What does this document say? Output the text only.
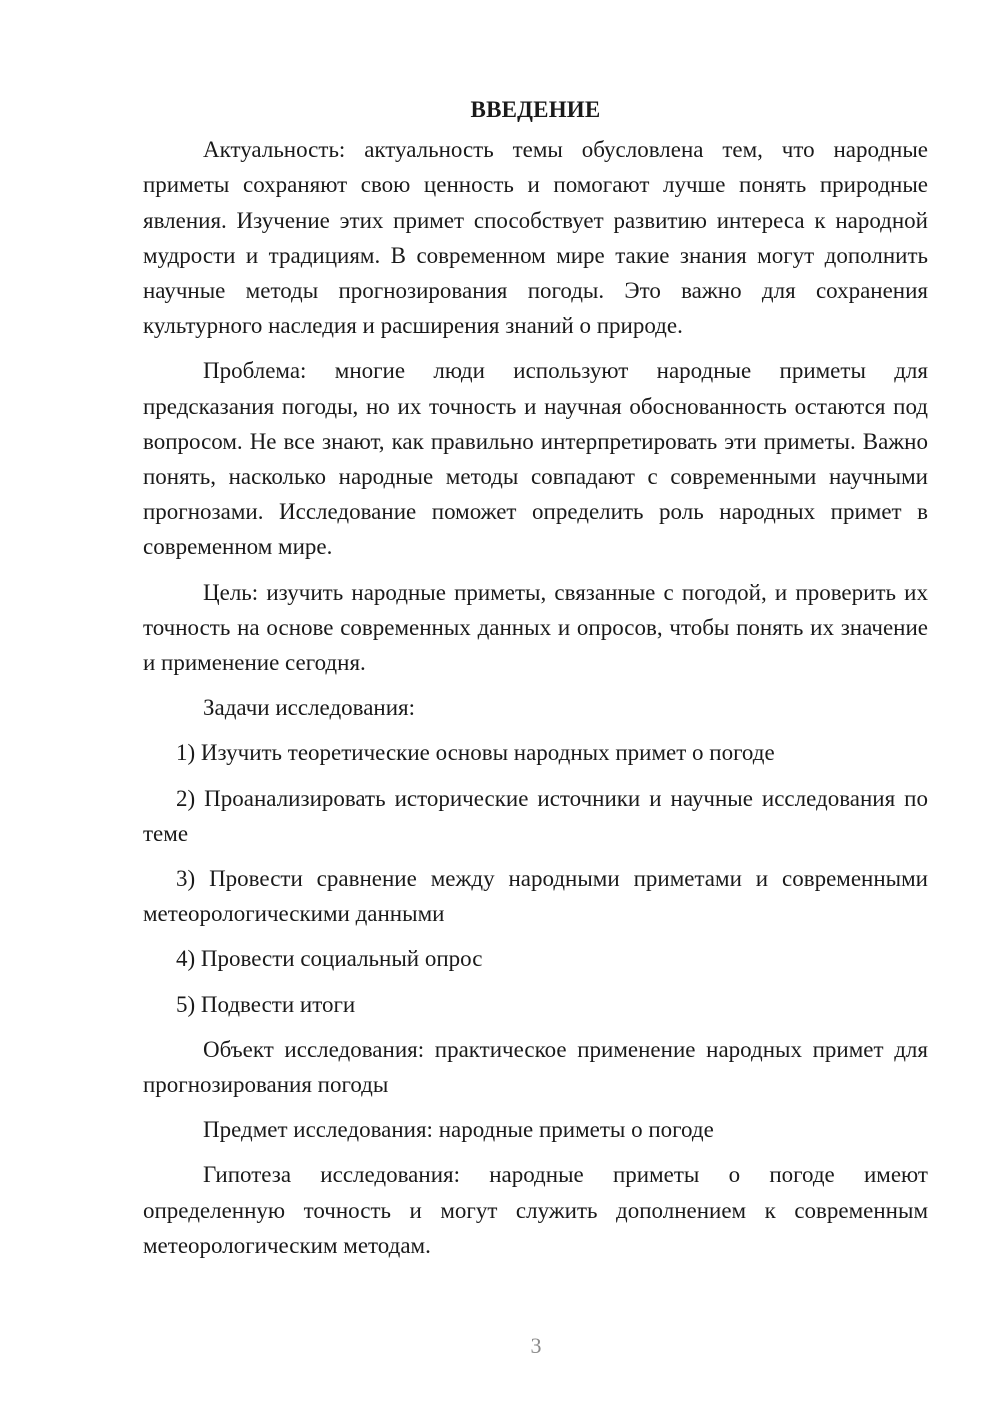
ВВЕДЕНИЕ

Актуальность: актуальность темы обусловлена тем, что народные приметы сохраняют свою ценность и помогают лучше понять природные явления. Изучение этих примет способствует развитию интереса к народной мудрости и традициям. В современном мире такие знания могут дополнить научные методы прогнозирования погоды. Это важно для сохранения культурного наследия и расширения знаний о природе.

Проблема: многие люди используют народные приметы для предсказания погоды, но их точность и научная обоснованность остаются под вопросом. Не все знают, как правильно интерпретировать эти приметы. Важно понять, насколько народные методы совпадают с современными научными прогнозами. Исследование поможет определить роль народных примет в современном мире.

Цель: изучить народные приметы, связанные с погодой, и проверить их точность на основе современных данных и опросов, чтобы понять их значение и применение сегодня.

Задачи исследования:

1) Изучить теоретические основы народных примет о погоде

2) Проанализировать исторические источники и научные исследования по теме

3) Провести сравнение между народными приметами и современными метеорологическими данными

4) Провести социальный опрос

5) Подвести итоги

Объект исследования: практическое применение народных примет для прогнозирования погоды

Предмет исследования: народные приметы о погоде

Гипотеза исследования: народные приметы о погоде имеют определенную точность и могут служить дополнением к современным метеорологическим методам.

3
